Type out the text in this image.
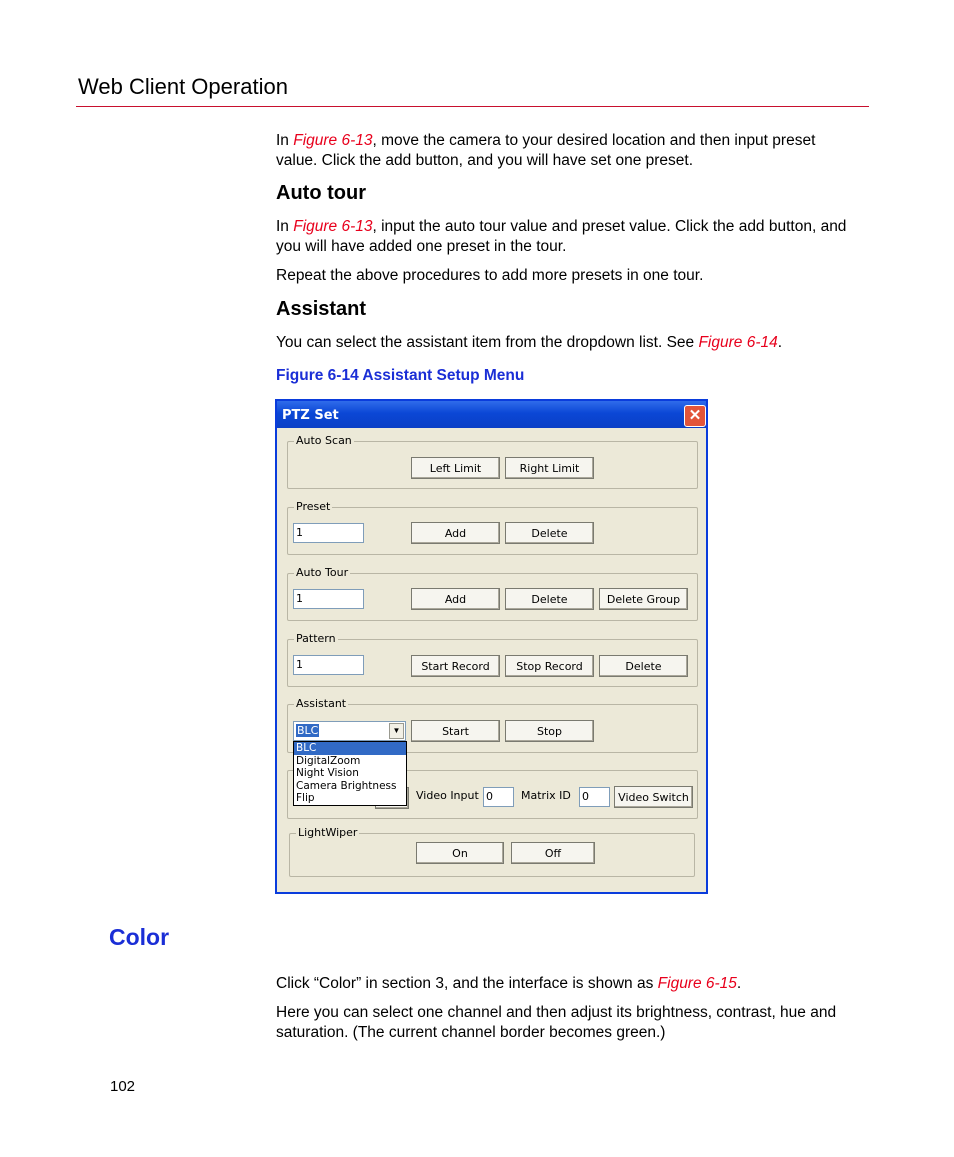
Web Client Operation
In Figure 6-13, move the camera to your desired location and then input preset value. Click the add button, and you will have set one preset.
Auto tour
In Figure 6-13, input the auto tour value and preset value. Click the add button, and you will have added one preset in the tour.
Repeat the above procedures to add more presets in one tour.
Assistant
You can select the assistant item from the dropdown list. See Figure 6-14.
Figure 6-14 Assistant Setup Menu
PTZ Set	✕
Auto Scan
Left Limit	Right Limit
Preset
1	Add	Delete
Auto Tour
1	Add	Delete	Delete Group
Pattern
1	Start Record	Stop Record	Delete
Assistant
BLC	▼	Start	Stop
Video Input 0	Matrix ID 0	Video Switch
LightWiper
On	Off
BLC
DigitalZoom
Night Vision
Camera Brightness
Flip
Color
Click “Color” in section 3, and the interface is shown as Figure 6-15.
Here you can select one channel and then adjust its brightness, contrast, hue and saturation. (The current channel border becomes green.)
102
